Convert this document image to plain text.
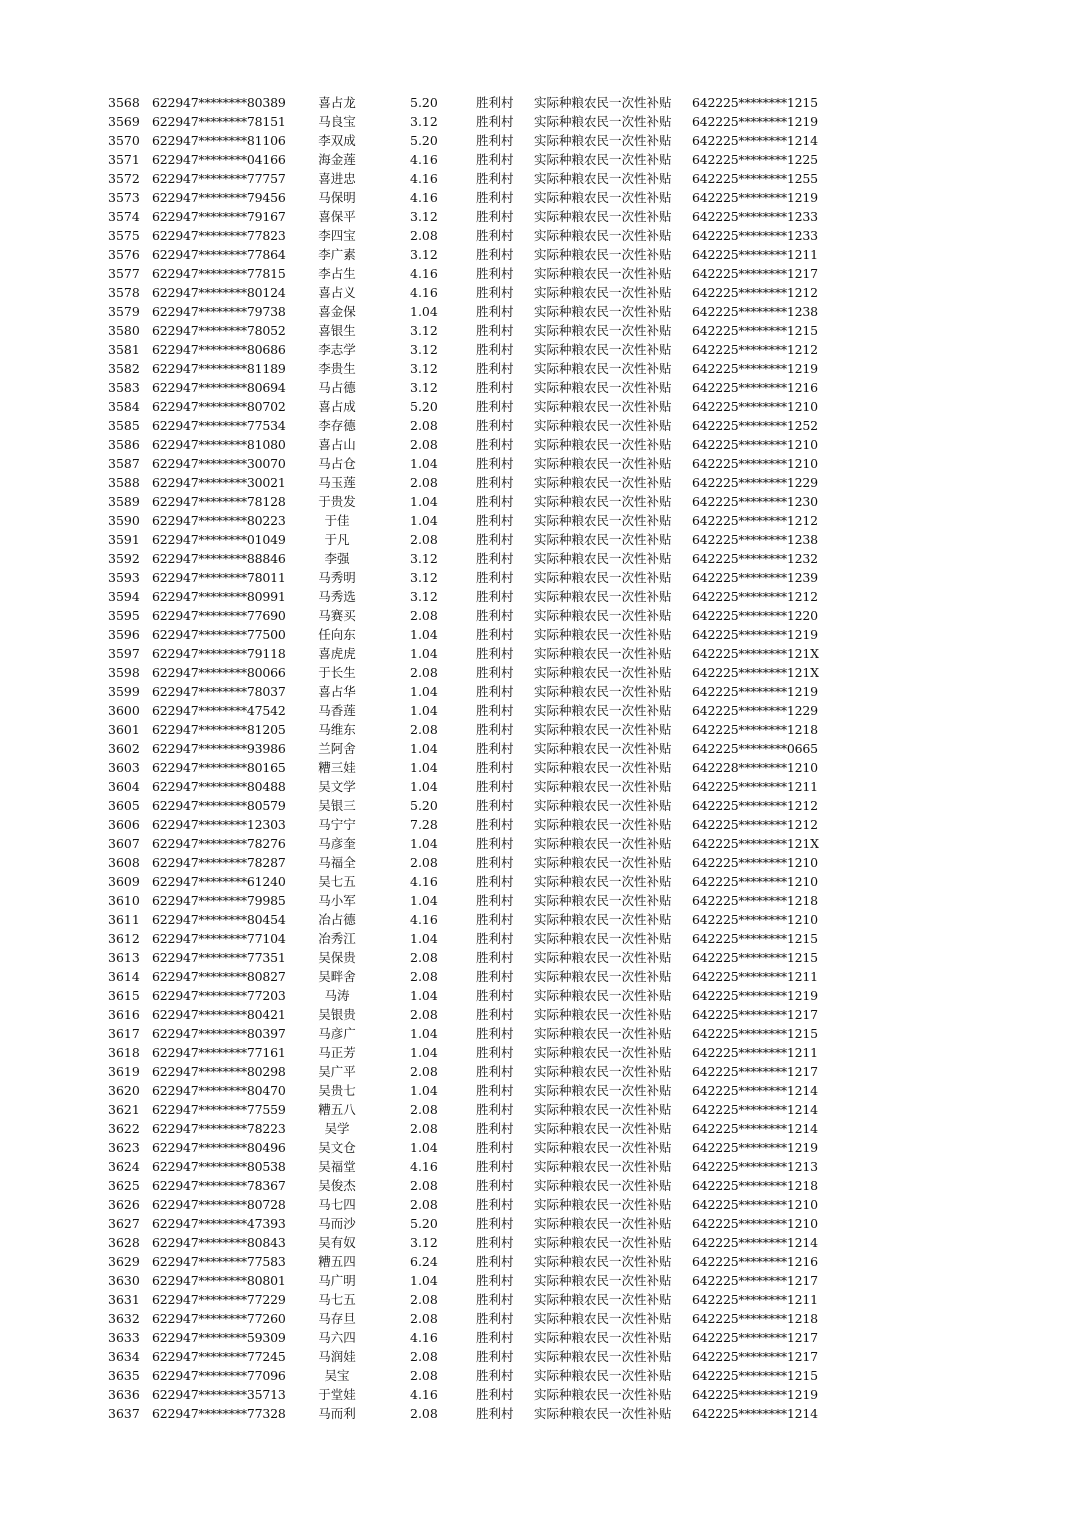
3568 622947********80389	喜占龙	5.20	胜利村 实际种粮农民一次性补贴 642225********1215
3569 622947********78151	马良宝	3.12	胜利村 实际种粮农民一次性补贴 642225********1219
3570 622947********81106	李双成	5.20	胜利村 实际种粮农民一次性补贴 642225********1214
3571 622947********04166	海金莲	4.16	胜利村 实际种粮农民一次性补贴 642225********1225
3572 622947********77757	喜进忠	4.16	胜利村 实际种粮农民一次性补贴 642225********1255
3573 622947********79456	马保明	4.16	胜利村 实际种粮农民一次性补贴 642225********1219
3574 622947********79167	喜保平	3.12	胜利村 实际种粮农民一次性补贴 642225********1233
3575 622947********77823	李四宝	2.08	胜利村 实际种粮农民一次性补贴 642225********1233
3576 622947********77864	李广素	3.12	胜利村 实际种粮农民一次性补贴 642225********1211
3577 622947********77815	李占生	4.16	胜利村 实际种粮农民一次性补贴 642225********1217
3578 622947********80124	喜占义	4.16	胜利村 实际种粮农民一次性补贴 642225********1212
3579 622947********79738	喜金保	1.04	胜利村 实际种粮农民一次性补贴 642225********1238
3580 622947********78052	喜银生	3.12	胜利村 实际种粮农民一次性补贴 642225********1215
3581 622947********80686	李志学	3.12	胜利村 实际种粮农民一次性补贴 642225********1212
3582 622947********81189	李贵生	3.12	胜利村 实际种粮农民一次性补贴 642225********1219
3583 622947********80694	马占德	3.12	胜利村 实际种粮农民一次性补贴 642225********1216
3584 622947********80702	喜占成	5.20	胜利村 实际种粮农民一次性补贴 642225********1210
3585 622947********77534	李存德	2.08	胜利村 实际种粮农民一次性补贴 642225********1252
3586 622947********81080	喜占山	2.08	胜利村 实际种粮农民一次性补贴 642225********1210
3587 622947********30070	马占仓	1.04	胜利村 实际种粮农民一次性补贴 642225********1210
3588 622947********30021	马玉莲	2.08	胜利村 实际种粮农民一次性补贴 642225********1229
3589 622947********78128	于贵发	1.04	胜利村 实际种粮农民一次性补贴 642225********1230
3590 622947********80223	于佳	1.04	胜利村 实际种粮农民一次性补贴 642225********1212
3591 622947********01049	于凡	2.08	胜利村 实际种粮农民一次性补贴 642225********1238
3592 622947********88846	李强	3.12	胜利村 实际种粮农民一次性补贴 642225********1232
3593 622947********78011	马秀明	3.12	胜利村 实际种粮农民一次性补贴 642225********1239
3594 622947********80991	马秀选	3.12	胜利村 实际种粮农民一次性补贴 642225********1212
3595 622947********77690	马赛买	2.08	胜利村 实际种粮农民一次性补贴 642225********1220
3596 622947********77500	任向东	1.04	胜利村 实际种粮农民一次性补贴 642225********1219
3597 622947********79118	喜虎虎	1.04	胜利村 实际种粮农民一次性补贴 642225********121X
3598 622947********80066	于长生	2.08	胜利村 实际种粮农民一次性补贴 642225********121X
3599 622947********78037	喜占华	1.04	胜利村 实际种粮农民一次性补贴 642225********1219
3600 622947********47542	马香莲	1.04	胜利村 实际种粮农民一次性补贴 642225********1229
3601 622947********81205	马维东	2.08	胜利村 实际种粮农民一次性补贴 642225********1218
3602 622947********93986	兰阿舍	1.04	胜利村 实际种粮农民一次性补贴 642225********0665
3603 622947********80165	糟三娃	1.04	胜利村 实际种粮农民一次性补贴 642228********1210
3604 622947********80488	吴文学	1.04	胜利村 实际种粮农民一次性补贴 642225********1211
3605 622947********80579	吴银三	5.20	胜利村 实际种粮农民一次性补贴 642225********1212
3606 622947********12303	马宁宁	7.28	胜利村 实际种粮农民一次性补贴 642225********1212
3607 622947********78276	马彦奎	1.04	胜利村 实际种粮农民一次性补贴 642225********121X
3608 622947********78287	马福全	2.08	胜利村 实际种粮农民一次性补贴 642225********1210
3609 622947********61240	吴七五	4.16	胜利村 实际种粮农民一次性补贴 642225********1210
3610 622947********79985	马小军	1.04	胜利村 实际种粮农民一次性补贴 642225********1218
3611 622947********80454	冶占德	4.16	胜利村 实际种粮农民一次性补贴 642225********1210
3612 622947********77104	冶秀江	1.04	胜利村 实际种粮农民一次性补贴 642225********1215
3613 622947********77351	吴保贵	2.08	胜利村 实际种粮农民一次性补贴 642225********1215
3614 622947********80827	吴畔舍	2.08	胜利村 实际种粮农民一次性补贴 642225********1211
3615 622947********77203	马涛	1.04	胜利村 实际种粮农民一次性补贴 642225********1219
3616 622947********80421	吴银贵	2.08	胜利村 实际种粮农民一次性补贴 642225********1217
3617 622947********80397	马彦广	1.04	胜利村 实际种粮农民一次性补贴 642225********1215
3618 622947********77161	马正芳	1.04	胜利村 实际种粮农民一次性补贴 642225********1211
3619 622947********80298	吴广平	2.08	胜利村 实际种粮农民一次性补贴 642225********1217
3620 622947********80470	吴贵七	1.04	胜利村 实际种粮农民一次性补贴 642225********1214
3621 622947********77559	糟五八	2.08	胜利村 实际种粮农民一次性补贴 642225********1214
3622 622947********78223	吴学	2.08	胜利村 实际种粮农民一次性补贴 642225********1214
3623 622947********80496	吴文仓	1.04	胜利村 实际种粮农民一次性补贴 642225********1219
3624 622947********80538	吴福堂	4.16	胜利村 实际种粮农民一次性补贴 642225********1213
3625 622947********78367	吴俊杰	2.08	胜利村 实际种粮农民一次性补贴 642225********1218
3626 622947********80728	马七四	2.08	胜利村 实际种粮农民一次性补贴 642225********1210
3627 622947********47393	马而沙	5.20	胜利村 实际种粮农民一次性补贴 642225********1210
3628 622947********80843	吴有奴	3.12	胜利村 实际种粮农民一次性补贴 642225********1214
3629 622947********77583	糟五四	6.24	胜利村 实际种粮农民一次性补贴 642225********1216
3630 622947********80801	马广明	1.04	胜利村 实际种粮农民一次性补贴 642225********1217
3631 622947********77229	马七五	2.08	胜利村 实际种粮农民一次性补贴 642225********1211
3632 622947********77260	马存旦	2.08	胜利村 实际种粮农民一次性补贴 642225********1218
3633 622947********59309	马六四	4.16	胜利村 实际种粮农民一次性补贴 642225********1217
3634 622947********77245	马润娃	2.08	胜利村 实际种粮农民一次性补贴 642225********1217
3635 622947********77096	吴宝	2.08	胜利村 实际种粮农民一次性补贴 642225********1215
3636 622947********35713	于堂娃	4.16	胜利村 实际种粮农民一次性补贴 642225********1219
3637 622947********77328	马而利	2.08	胜利村 实际种粮农民一次性补贴 642225********1214
